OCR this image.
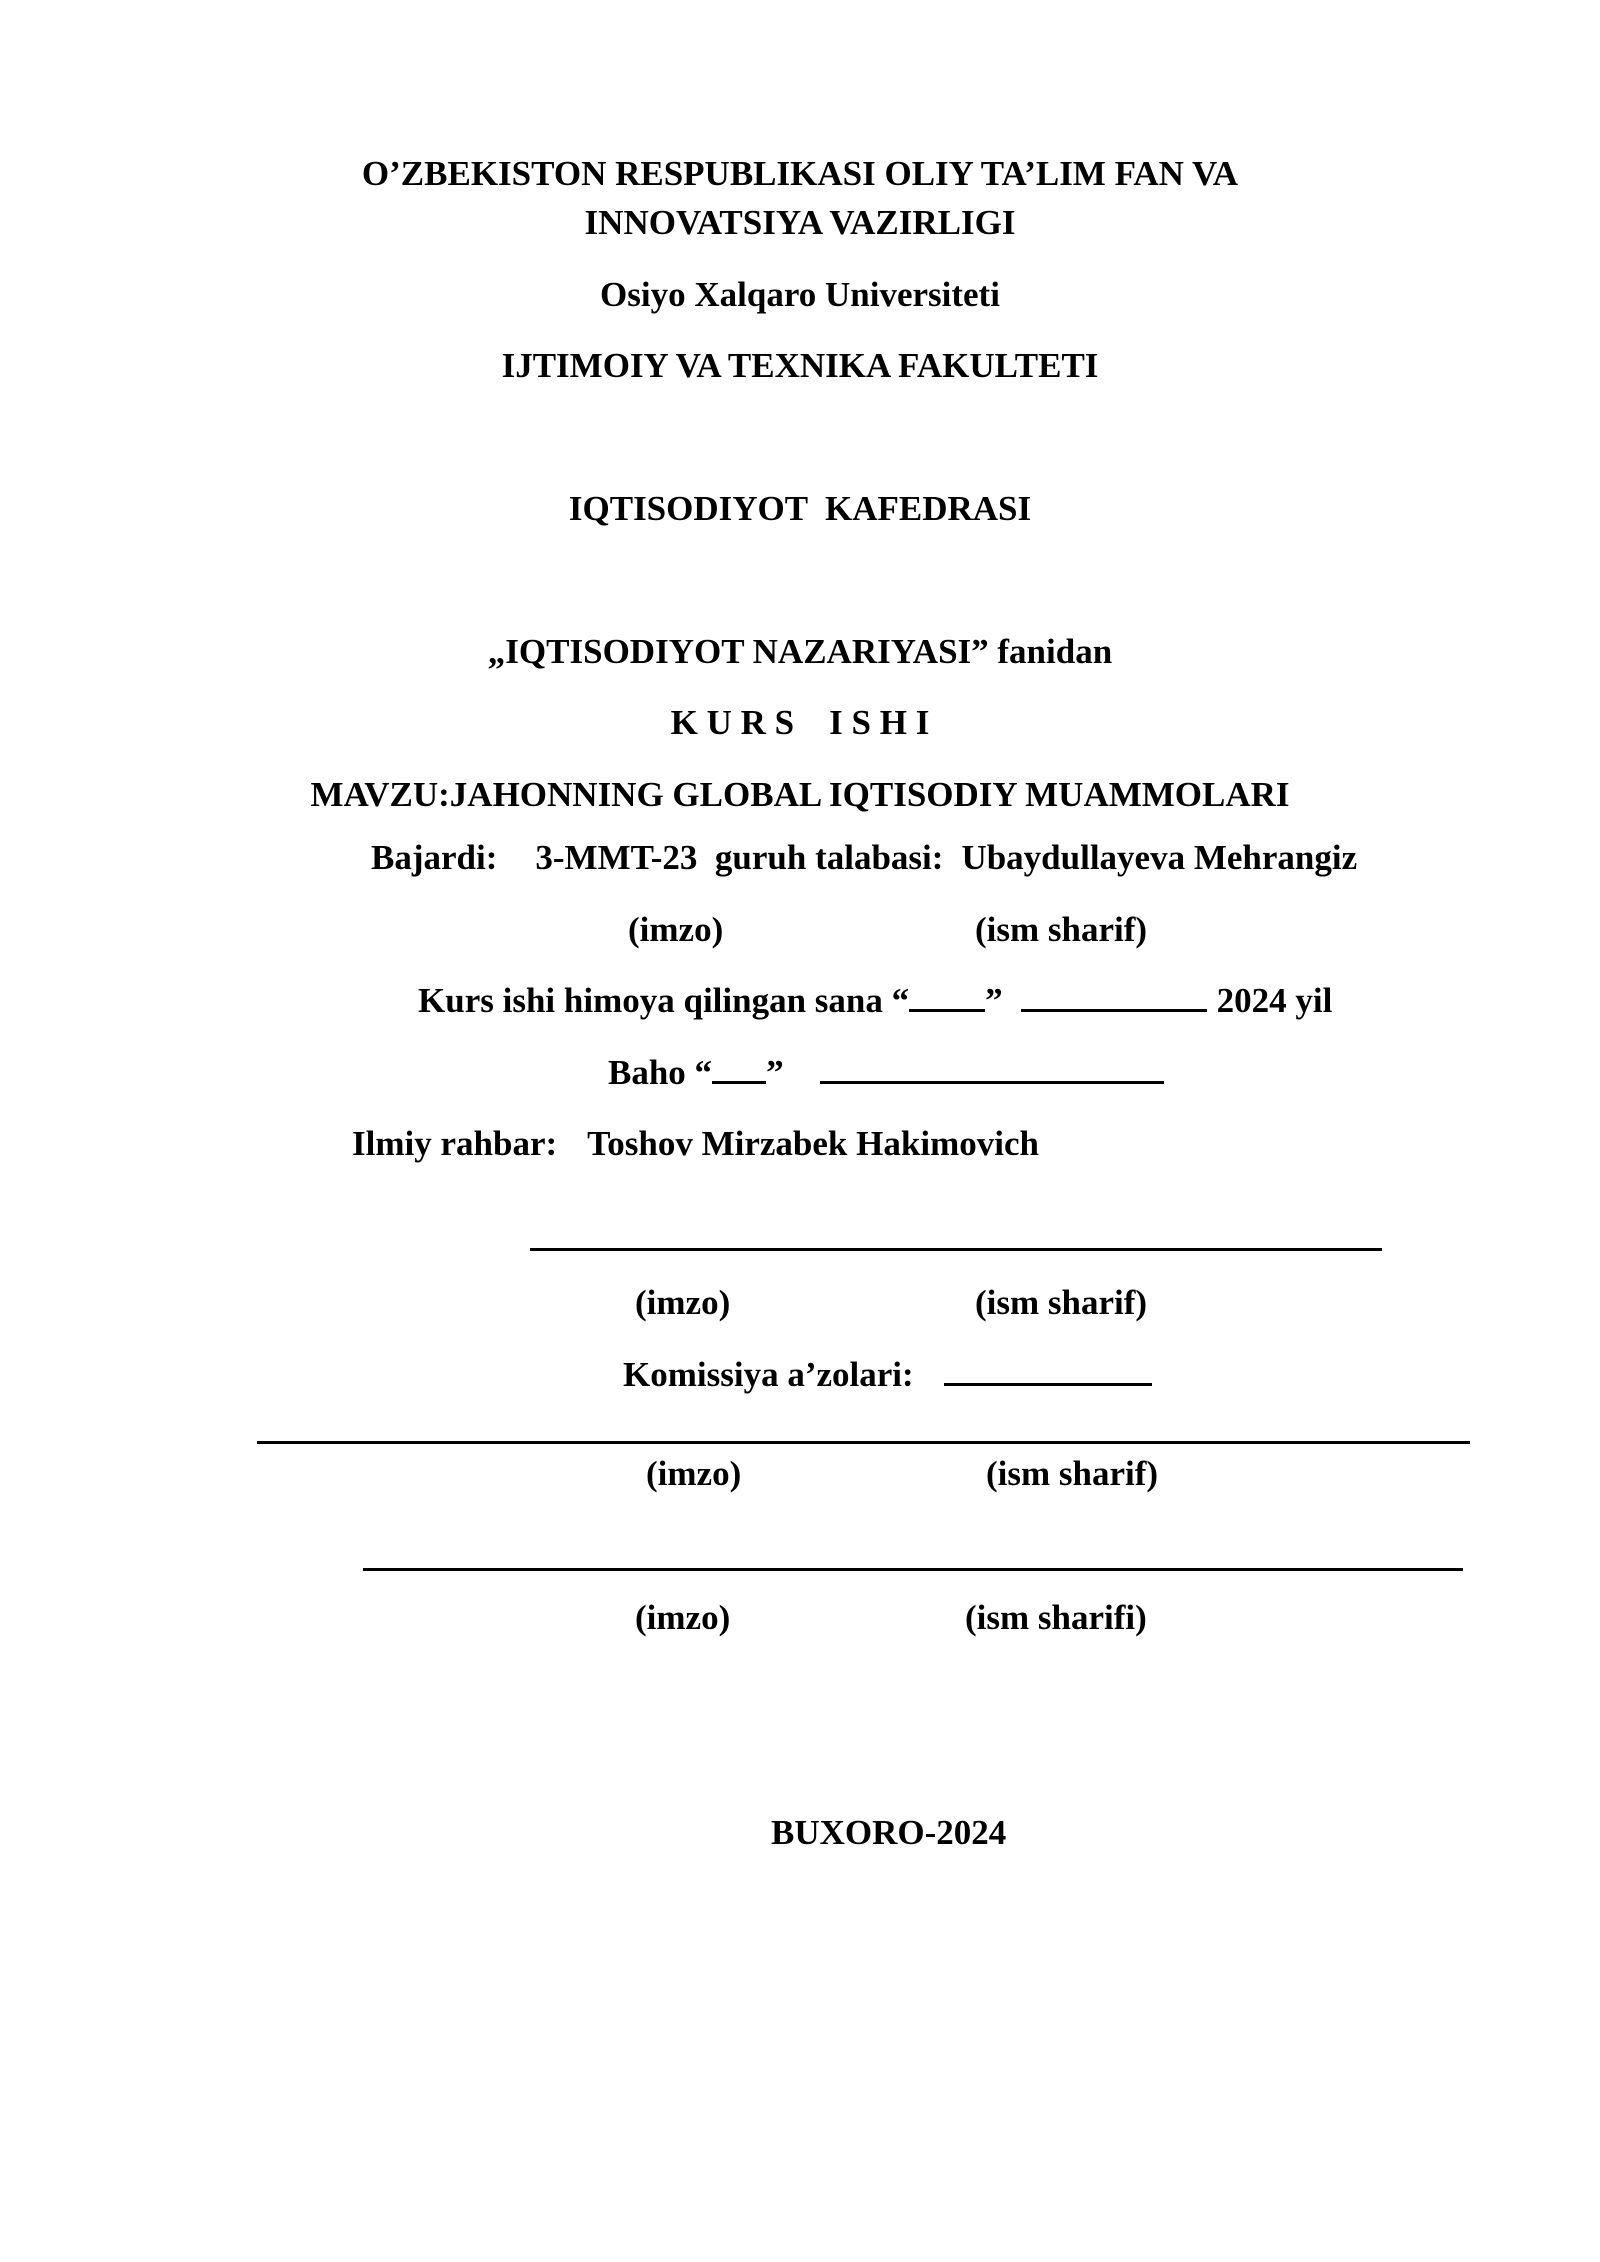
O’ZBEKISTON RESPUBLIKASI OLIY TA’LIM FAN VA

INNOVATSIYA VAZIRLIGI

Osiyo Xalqaro Universiteti

IJTIMOIY VA TEXNIKA FAKULTETI

IQTISODIYOT  KAFEDRASI

„IQTISODIYOT NAZARIYASI” fanidan

K U R S    I S H I

MAVZU:JAHONNING GLOBAL IQTISODIY MUAMMOLARI

Bajardi: 3-MMT-23  guruh talabasi: Ubaydullayeva Mehrangiz

(imzo)	(ism sharif)

Kurs ishi himoya qilingan sana “ ”	2024 yil

Baho “ ”

Ilmiy rahbar: Toshov Mirzabek Hakimovich

(imzo)	(ism sharif)

Komissiya a’zolari:

(imzo)	(ism sharif)

(imzo)	(ism sharifi)

BUXORO-2024
